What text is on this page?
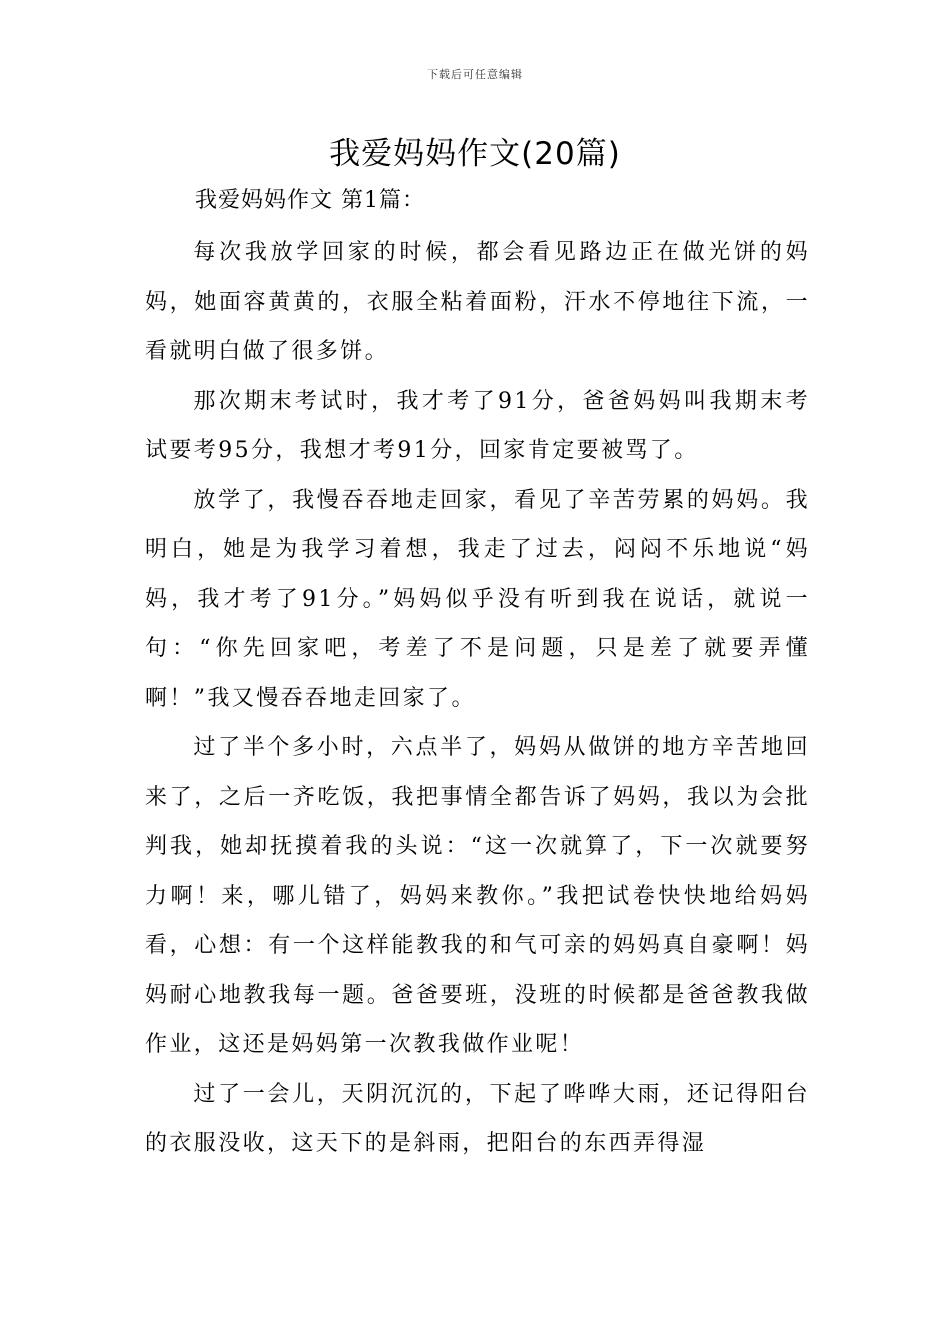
下载后可任意编辑
我爱妈妈作文(20篇)
我爱妈妈作文 第1篇：

每次我放学回家的时候，都会看见路边正在做光饼的妈妈，她面容黄黄的，衣服全粘着面粉，汗水不停地往下流，一看就明白做了很多饼。

那次期末考试时，我才考了91分，爸爸妈妈叫我期末考试要考95分，我想才考91分，回家肯定要被骂了。

放学了，我慢吞吞地走回家，看见了辛苦劳累的妈妈。我明白，她是为我学习着想，我走了过去，闷闷不乐地说“妈妈，我才考了91分。”妈妈似乎没有听到我在说话，就说一句：“你先回家吧，考差了不是问题，只是差了就要弄懂啊！”我又慢吞吞地走回家了。

过了半个多小时，六点半了，妈妈从做饼的地方辛苦地回来了，之后一齐吃饭，我把事情全都告诉了妈妈，我以为会批判我，她却抚摸着我的头说：“这一次就算了，下一次就要努力啊！来，哪儿错了，妈妈来教你。”我把试卷快快地给妈妈看，心想：有一个这样能教我的和气可亲的妈妈真自豪啊！妈妈耐心地教我每一题。爸爸要班，没班的时候都是爸爸教我做作业，这还是妈妈第一次教我做作业呢！

过了一会儿，天阴沉沉的，下起了哗哗大雨，还记得阳台的衣服没收，这天下的是斜雨，把阳台的东西弄得湿
